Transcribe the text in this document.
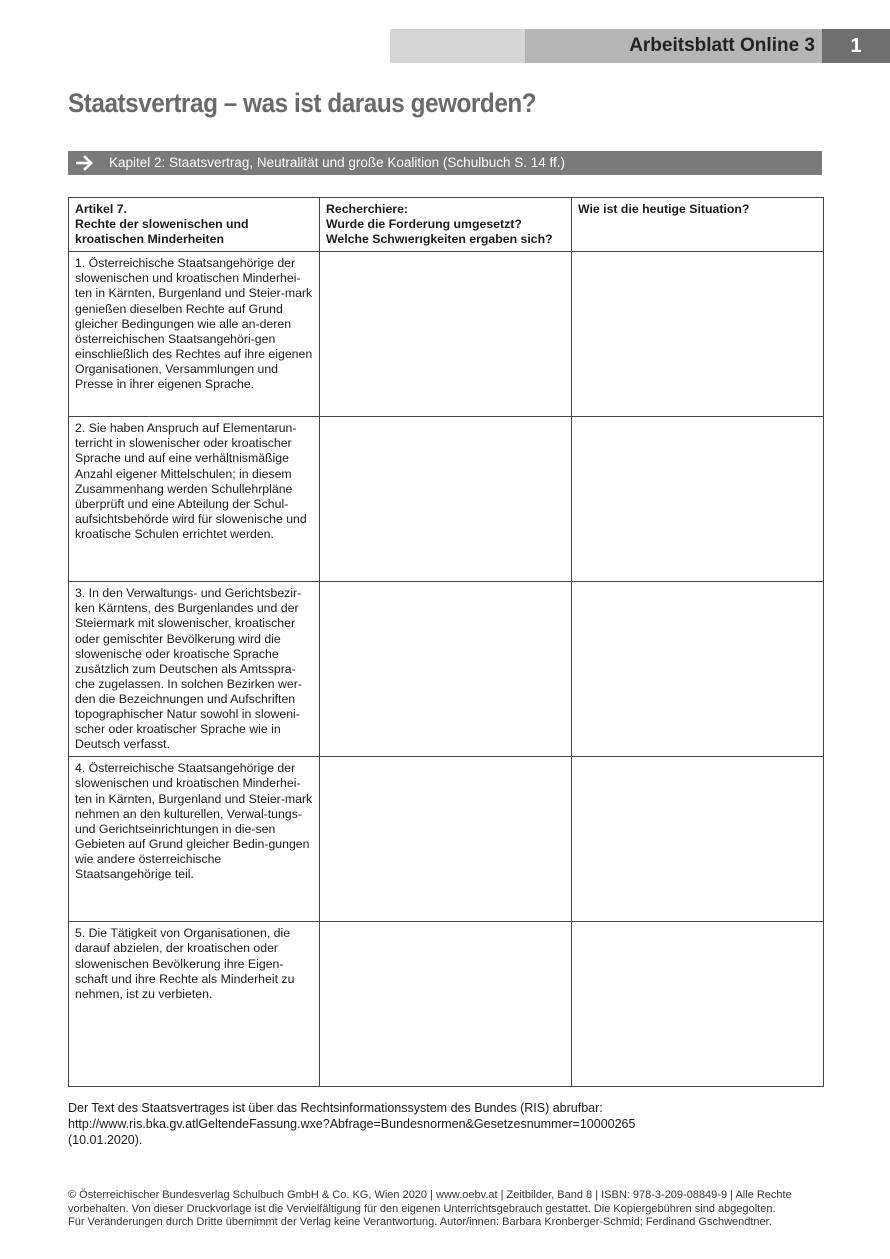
Arbeitsblatt Online 3	1
Staatsvertrag – was ist daraus geworden?
Kapitel 2: Staatsvertrag, Neutralität und große Koalition (Schulbuch S. 14 ff.)
Artikel 7.
Rechte der slowenischen und
kroatischen Minderheiten	Recherchiere:
Wurde die Forderung umgesetzt?
Welche Schwıerıgkeiten ergaben sich?	Wie ist die heutige Situation?

1. Österreichische Staatsangehörige der slowenischen und kroatischen Minderhei-ten in Kärnten, Burgenland und Steier-mark genießen dieselben Rechte auf Grund gleicher Bedingungen wie alle an-deren österreichischen Staatsangehöri-gen einschließlich des Rechtes auf ihre eigenen Organisationen, Versammlungen und Presse in ihrer eigenen Sprache.		
2. Sie haben Anspruch auf Elementarun-terricht in slowenischer oder kroatischer Sprache und auf eine verhältnismäßige Anzahl eigener Mittelschulen; in diesem Zusammenhang werden Schullehrpläne überprüft und eine Abteilung der Schul-aufsichtsbehörde wird für slowenische und kroatische Schulen errichtet werden.		
3. In den Verwaltungs- und Gerichtsbezir-ken Kärntens, des Burgenlandes und der Steiermark mit slowenischer, kroatischer oder gemischter Bevölkerung wird die slowenische oder kroatische Sprache zusätzlich zum Deutschen als Amtsspra-che zugelassen. In solchen Bezirken wer-den die Bezeichnungen und Aufschriften topographischer Natur sowohl in sloweni-scher oder kroatischer Sprache wie in Deutsch verfasst.		
4. Österreichische Staatsangehörige der slowenischen und kroatischen Minderhei-ten in Kärnten, Burgenland und Steier-mark nehmen an den kulturellen, Verwal-tungs- und Gerichtseinrichtungen in die-sen Gebieten auf Grund gleicher Bedin-gungen wie andere österreichische Staatsangehörige teil.		
5. Die Tätigkeit von Organisationen, die darauf abzielen, der kroatischen oder slowenischen Bevölkerung ihre Eigen-schaft und ihre Rechte als Minderheit zu nehmen, ist zu verbieten.		
Der Text des Staatsvertrages ist über das Rechtsinformationssystem des Bundes (RIS) abrufbar:
http://www.ris.bka.gv.atlGeltendeFassung.wxe?Abfrage=Bundesnormen&Gesetzesnummer=10000265
(10.01.2020).
© Österreichischer Bundesverlag Schulbuch GmbH & Co. KG, Wien 2020 | www.oebv.at | Zeitbilder, Band 8 | ISBN: 978-3-209-08849-9 | Alle Rechte
vorbehalten. Von dieser Druckvorlage ist die Vervielfältigung für den eigenen Unterrichtsgebrauch gestattet. Die Kopiergebühren sind abgegolten.
Für Veränderungen durch Dritte übernimmt der Verlag keine Verantwortung. Autor/innen: Barbara Kronberger-Schmid; Ferdinand Gschwendtner.
